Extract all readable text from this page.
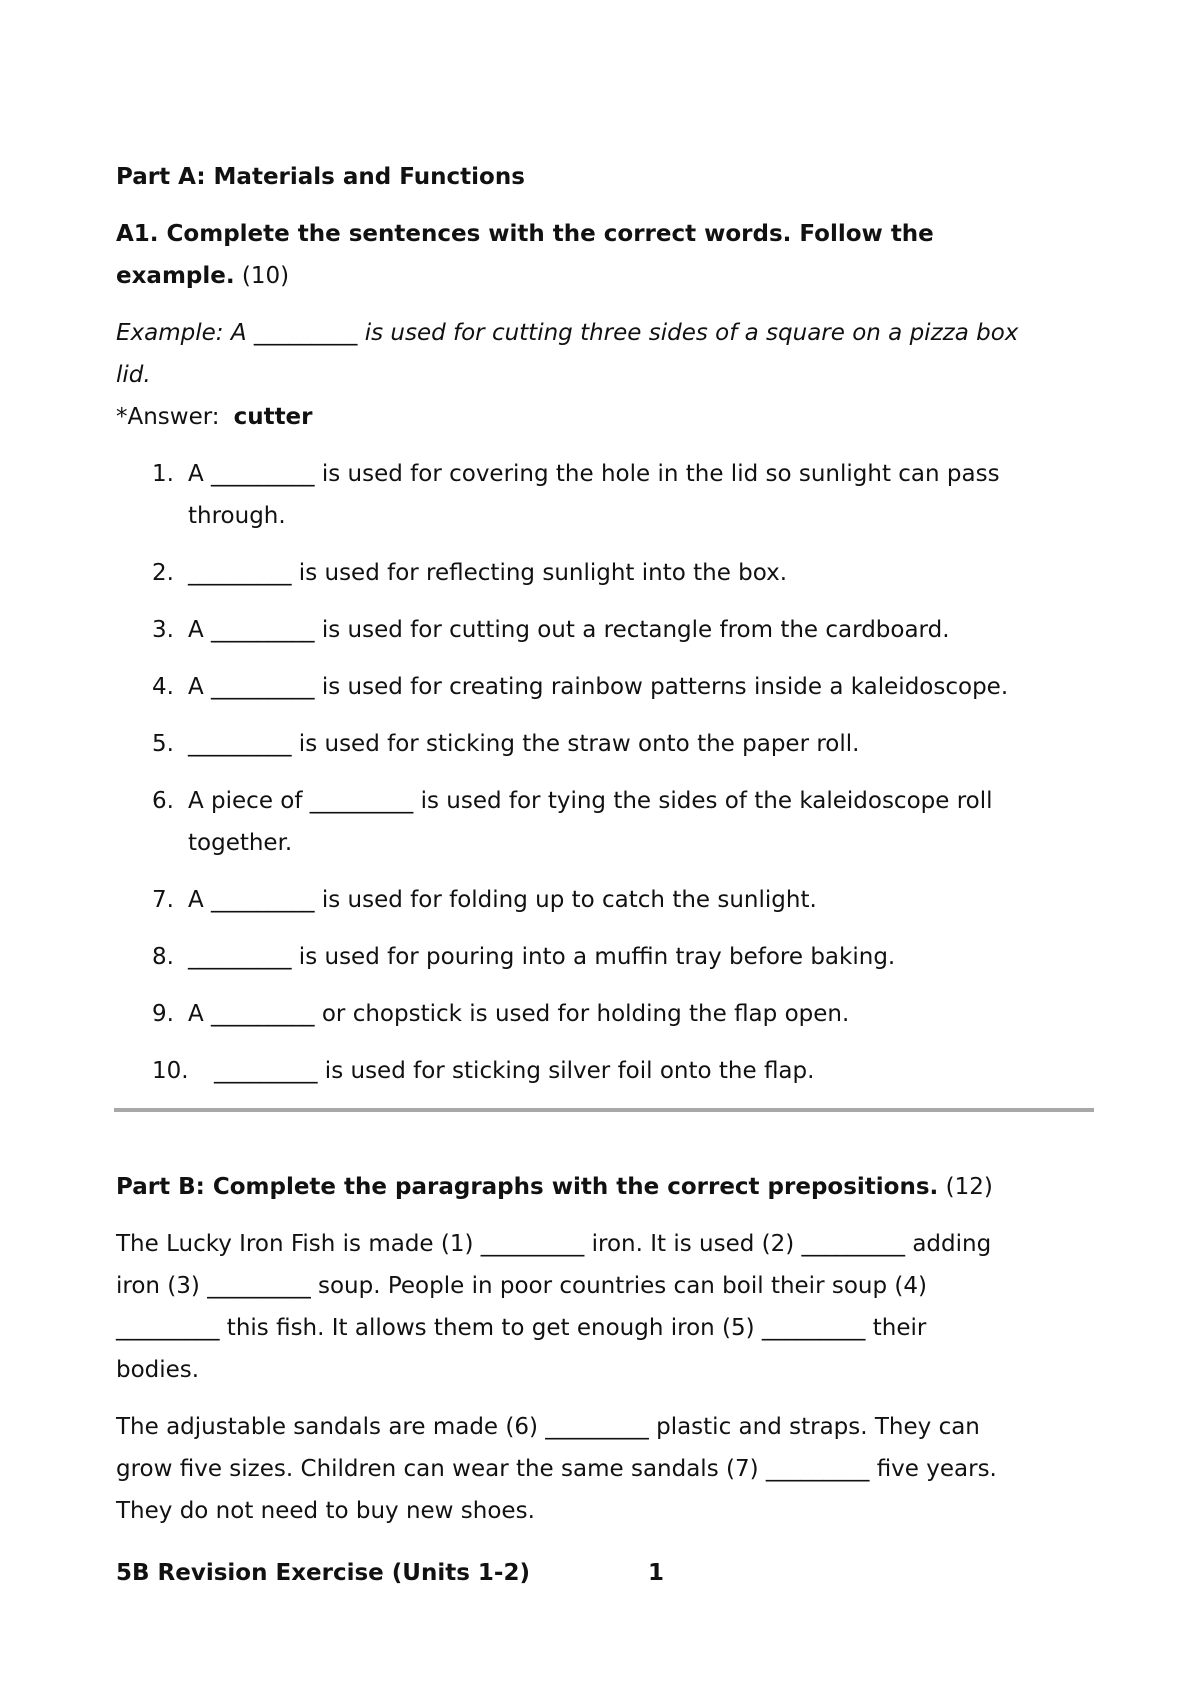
Part A: Materials and Functions
A1. Complete the sentences with the correct words. Follow the
example. (10)
Example: A _________ is used for cutting three sides of a square on a pizza box
lid.
*Answer: cutter
1. A _________ is used for covering the hole in the lid so sunlight can pass
through.
2. _________ is used for reflecting sunlight into the box.
3. A _________ is used for cutting out a rectangle from the cardboard.
4. A _________ is used for creating rainbow patterns inside a kaleidoscope.
5. _________ is used for sticking the straw onto the paper roll.
6. A piece of _________ is used for tying the sides of the kaleidoscope roll
together.
7. A _________ is used for folding up to catch the sunlight.
8. _________ is used for pouring into a muffin tray before baking.
9. A _________ or chopstick is used for holding the flap open.
10.	_________ is used for sticking silver foil onto the flap.
Part B: Complete the paragraphs with the correct prepositions. (12)
The Lucky Iron Fish is made (1) _________ iron. It is used (2) _________ adding
iron (3) _________ soup. People in poor countries can boil their soup (4)
_________ this fish. It allows them to get enough iron (5) _________ their
bodies.
The adjustable sandals are made (6) _________ plastic and straps. They can
grow five sizes. Children can wear the same sandals (7) _________ five years.
They do not need to buy new shoes.
5B Revision Exercise (Units 1-2)	1
